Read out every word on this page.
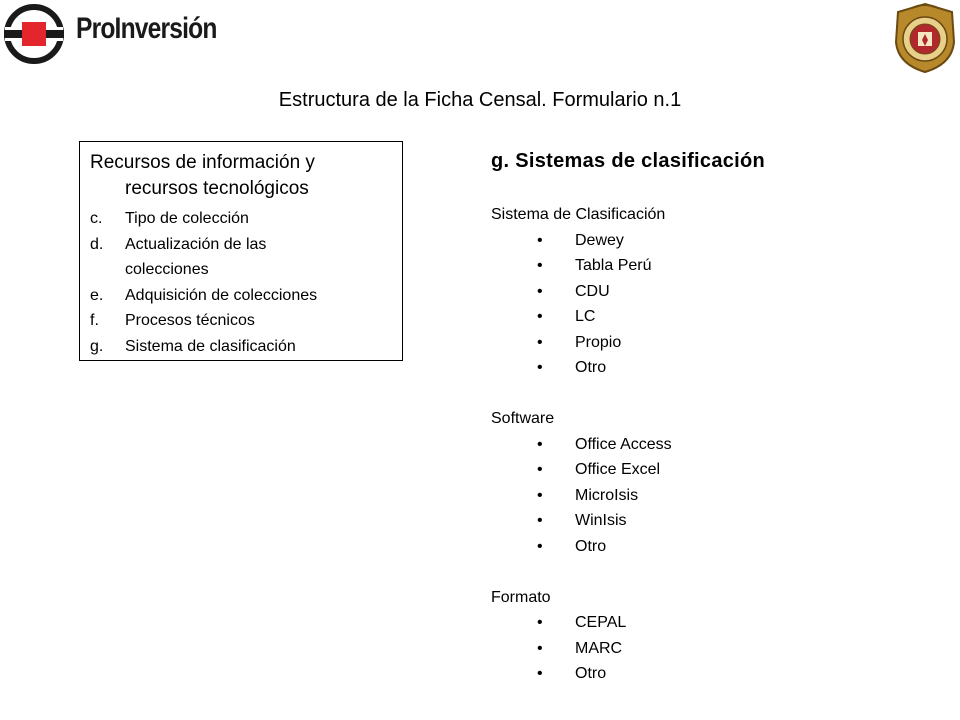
ProInversión
Estructura de la Ficha Censal. Formulario n.1

Recursos de información y
recursos tecnológicos

c. Tipo de colección
d. Actualización de las
colecciones
e. Adquisición de colecciones
f. Procesos técnicos
g. Sistema de clasificación
g. Sistemas de clasificación
Sistema de Clasificación
• Dewey
• Tabla Perú
• CDU
• LC
• Propio
• Otro
Software
• Office Access
• Office Excel
• MicroIsis
• WinIsis
• Otro
Formato
• CEPAL
• MARC
• Otro
